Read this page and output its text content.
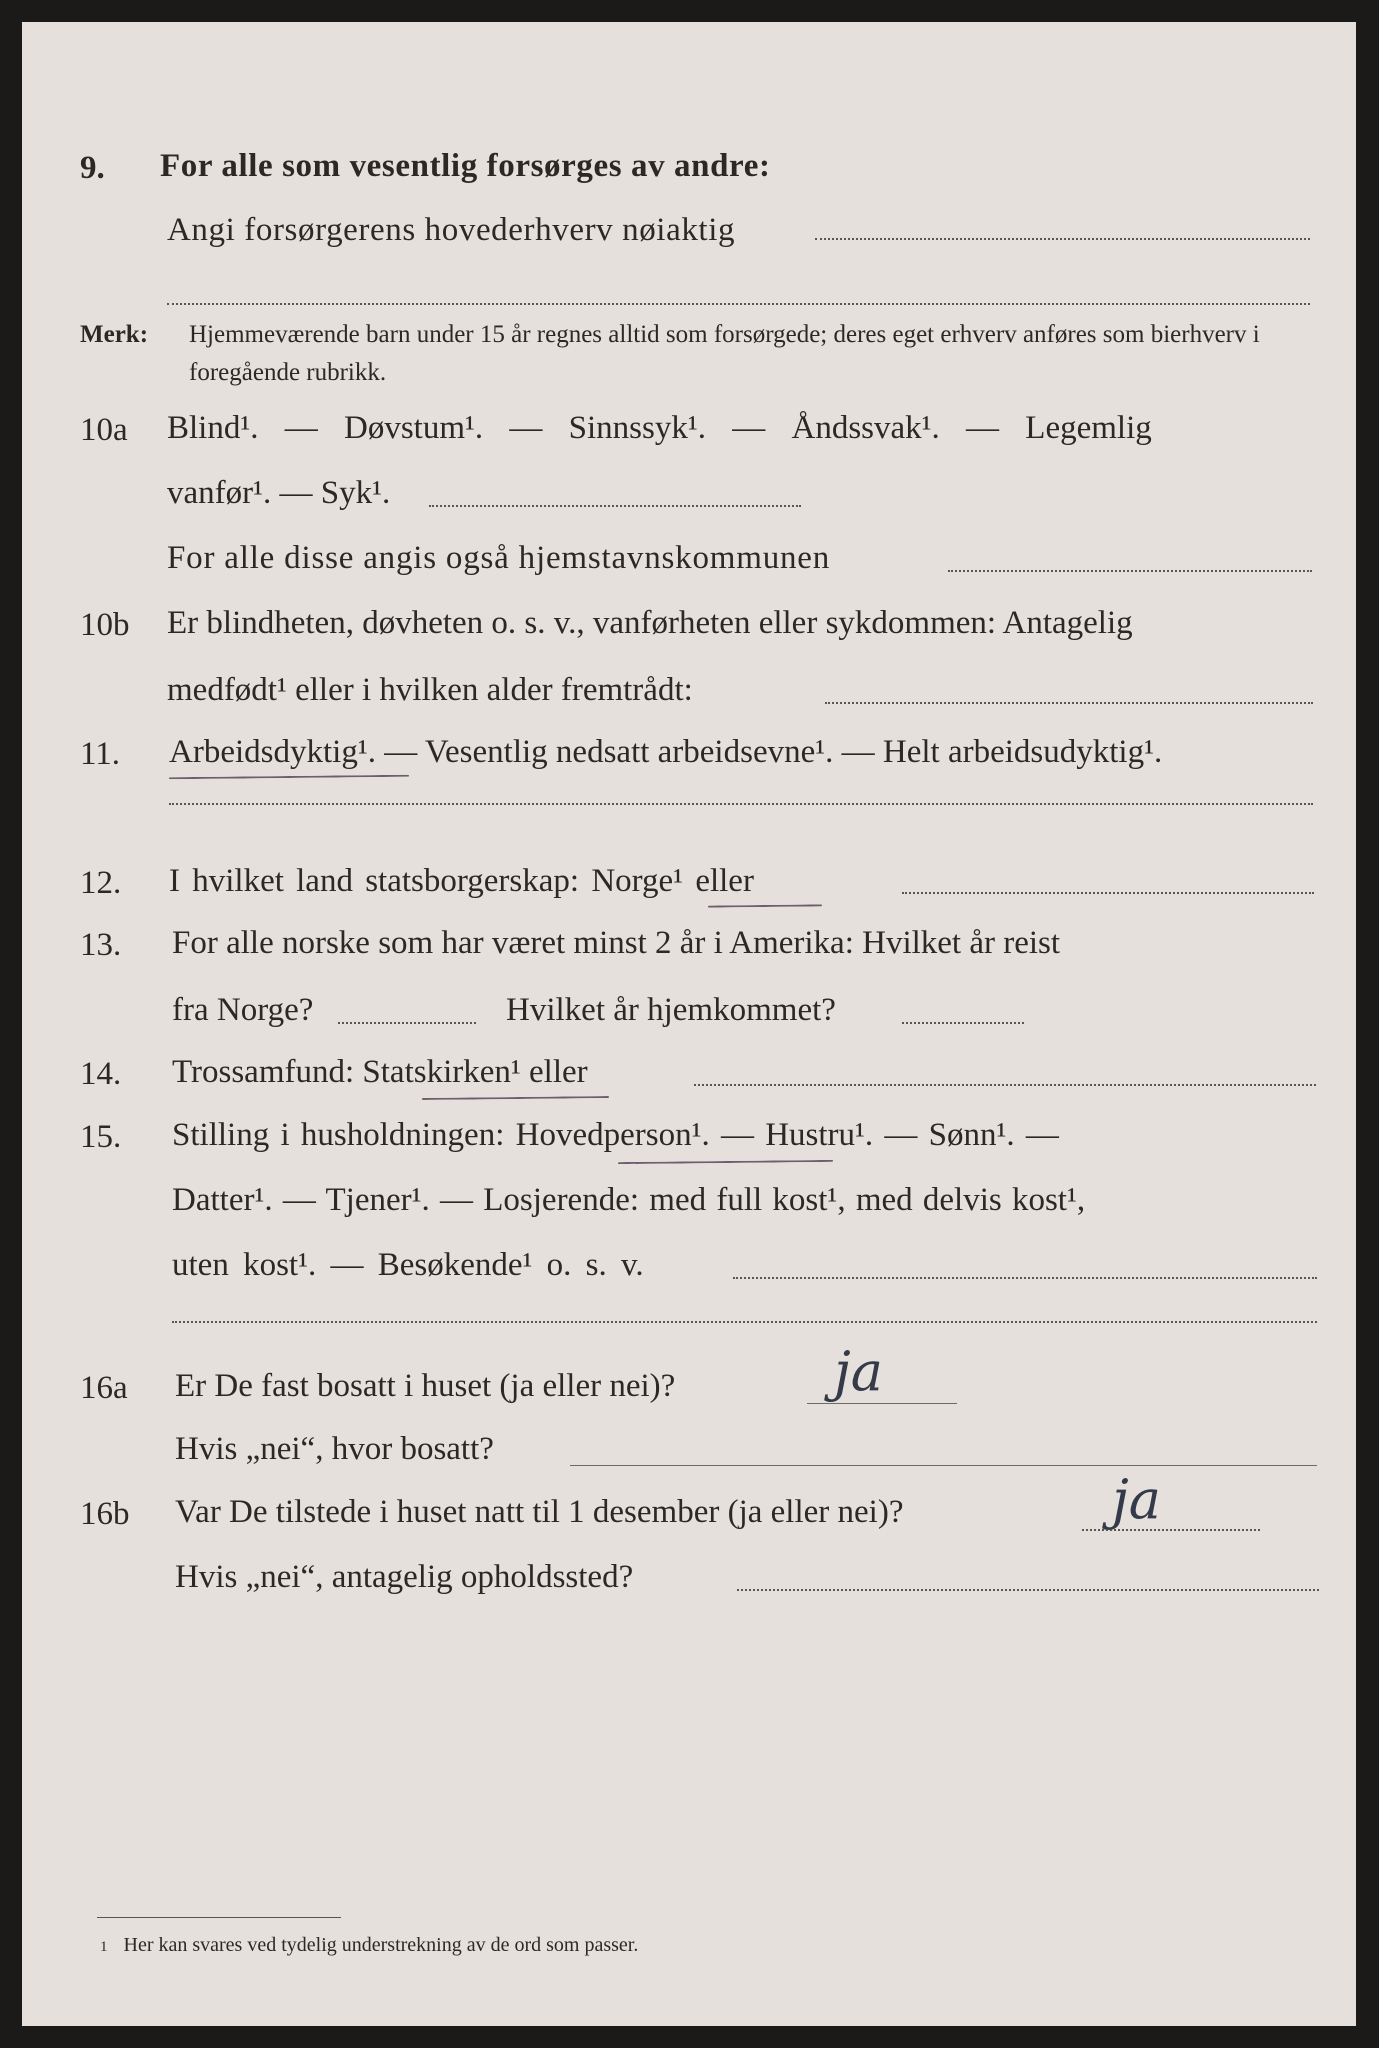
9. For alle som vesentlig forsørges av andre:
Angi forsørgerens hovederhverv nøiaktig
Merk: Hjemmeværende barn under 15 år regnes alltid som forsørgede; deres eget erhverv anføres som bierhverv i foregående rubrikk.
10a Blind¹. — Døvstum¹. — Sinnssyk¹. — Åndssvak¹. — Legemlig
vanfør¹. — Syk¹.
For alle disse angis også hjemstavnskommunen
10b Er blindheten, døvheten o. s. v., vanførheten eller sykdommen: Antagelig
medfødt¹ eller i hvilken alder fremtrådt:
11. Arbeidsdyktig¹. — Vesentlig nedsatt arbeidsevne¹. — Helt arbeidsudyktig¹.
12. I hvilket land statsborgerskap: Norge¹ eller
13. For alle norske som har været minst 2 år i Amerika: Hvilket år reist
fra Norge?	Hvilket år hjemkommet?
14. Trossamfund: Statskirken¹ eller
15. Stilling i husholdningen: Hovedperson¹. — Hustru¹. — Sønn¹. —
Datter¹. — Tjener¹. — Losjerende: med full kost¹, med delvis kost¹,
uten kost¹. — Besøkende¹ o. s. v.
16a Er De fast bosatt i huset (ja eller nei)?	ja
Hvis „nei“, hvor bosatt?
16b Var De tilstede i huset natt til 1 desember (ja eller nei)?	ja
Hvis „nei“, antagelig opholdssted?
1 Her kan svares ved tydelig understrekning av de ord som passer.
